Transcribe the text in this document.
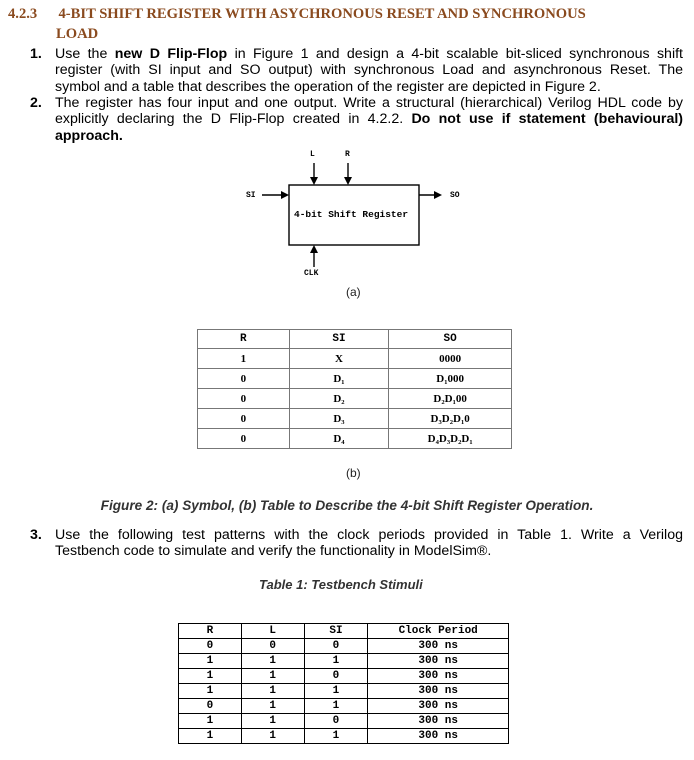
4.2.3 4-BIT SHIFT REGISTER WITH ASYCHRONOUS RESET AND SYNCHRONOUS
LOAD
1. Use the new D Flip-Flop in Figure 1 and design a 4-bit scalable bit-sliced synchronous shift
register (with SI input and SO output) with synchronous Load and asynchronous Reset. The
symbol and a table that describes the operation of the register are depicted in Figure 2.
2. The register has four input and one output. Write a structural (hierarchical) Verilog HDL code by
explicitly declaring the D Flip-Flop created in 4.2.2. Do not use if statement (behavioural)
approach.
L	R
SI	SO
4-bit Shift Register
CLK
(a)
R	SI	SO
1	X	0000
0	D₁	D₁000
0	D₂	D₂D₁00
0	D₃	D₃D₂D₁0
0	D₄	D₄D₃D₂D₁
(b)
Figure 2: (a) Symbol, (b) Table to Describe the 4-bit Shift Register Operation.
3. Use the following test patterns with the clock periods provided in Table 1. Write a Verilog
Testbench code to simulate and verify the functionality in ModelSim®.
Table 1: Testbench Stimuli
R	L	SI	Clock Period
0	0	0	300 ns
1	1	1	300 ns
1	1	0	300 ns
1	1	1	300 ns
0	1	1	300 ns
1	1	0	300 ns
1	1	1	300 ns
